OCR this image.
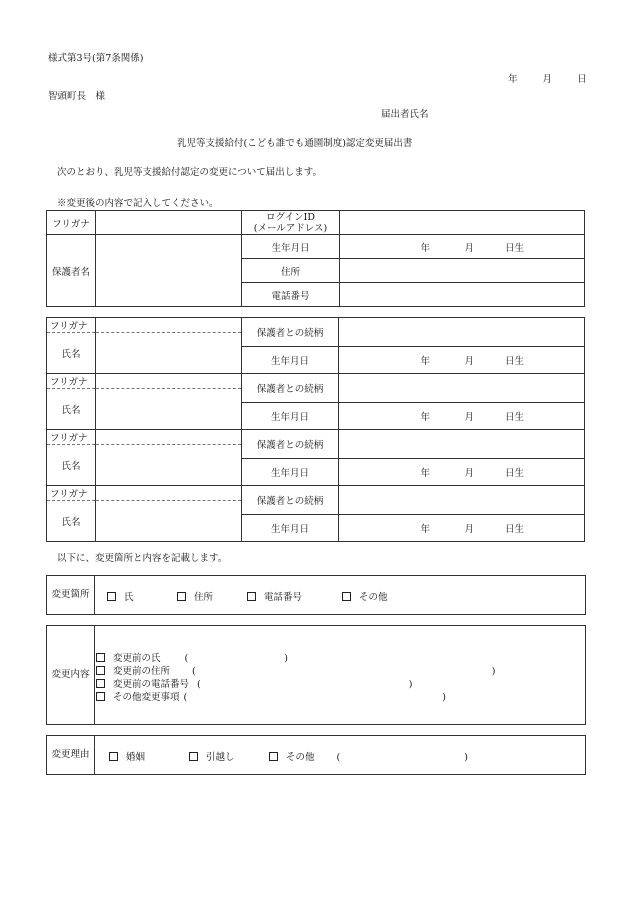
様式第3号(第7条関係)
年	月	日
智頭町長　様
届出者氏名
乳児等支援給付(こども誰でも通園制度)認定変更届出書
次のとおり、乳児等支援給付認定の変更について届出します。
※変更後の内容で記入してください。
フリガナ		ログインID
(メールアドレス)	

保護者名		生年月日	年 月 日生

		住所	
		電話番号	
フリガナ		保護者との続柄	
氏名			
		生年月日	年 月 日生

フリガナ		保護者との続柄	
氏名			
		生年月日	年 月 日生

フリガナ		保護者との続柄	
氏名			
		生年月日	年 月 日生

フリガナ		保護者との続柄	
氏名			
		生年月日	年 月 日生
以下に、変更箇所と内容を記載します。
変更箇所	氏	住所	電話番号	その他
変更内容
変更前の氏	(	)
変更前の住所 (	)
変更前の電話番号 (	)
その他変更事項 (	)
変更理由	婚姻	引越し	その他 (	)
